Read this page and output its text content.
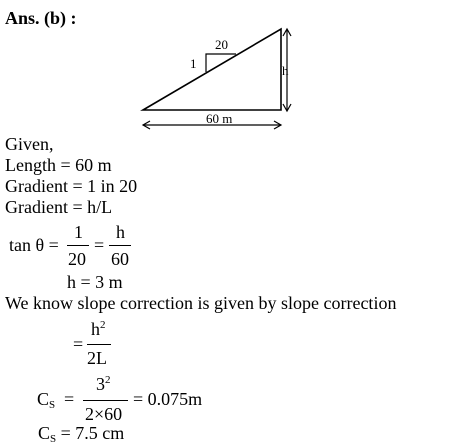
Ans. (b) :
20
1	h
60 m
Given,
Length = 60 m
Gradient = 1 in 20
Gradient = h/L
tan θ =
1
20
=
h
60
h = 3 m
We know slope correction is given by slope correction
=
$h^2$
2L
$C_S$ =
$3^2$
2×60
= 0.075m
$C_S = 7.5$ cm
